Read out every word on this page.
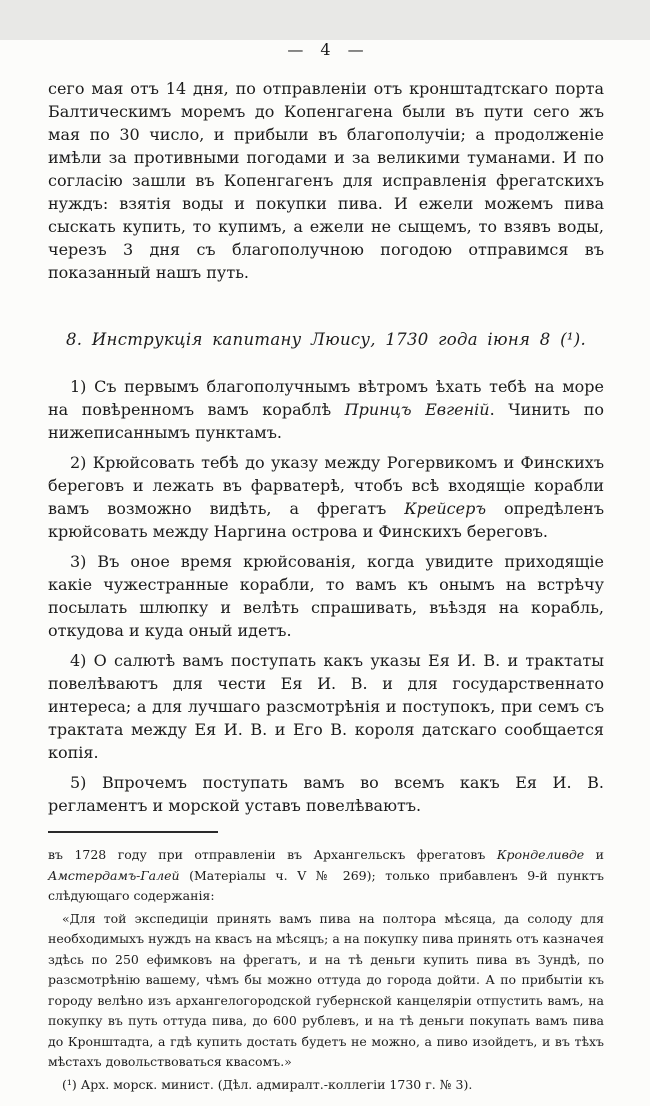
— 4 —

сего мая отъ 14 дня, по отправленіи отъ кронштадтскаго порта Балтическимъ моремъ до Копенгагена были въ пути сего жъ мая по 30 число, и прибыли въ благополучіи; а продолженіе имѣли за противными погодами и за великими туманами. И по согласію зашли въ Копенгагенъ для исправленія фрегатскихъ нуждъ: взятія воды и покупки пива. И ежели можемъ пива сыскать купить, то купимъ, а ежели не сыщемъ, то взявъ воды, черезъ 3 дня съ благополучною погодою отправимся въ показанный нашъ путь.

8. Инструкція капитану Люису, 1730 года іюня 8 (¹).

1) Съ первымъ благополучнымъ вѣтромъ ѣхать тебѣ на море на повѣренномъ вамъ кораблѣ Принцъ Евгеній. Чинить по нижеписаннымъ пунктамъ.

2) Крюйсовать тебѣ до указу между Рогервикомъ и Финскихъ береговъ и лежать въ фарватерѣ, чтобъ всѣ входящіе корабли вамъ возможно видѣть, а фрегатъ Крейсеръ опредѣленъ крюйсовать между Наргина острова и Финскихъ береговъ.

3) Въ оное время крюйсованія, когда увидите приходящіе какіе чужестранные корабли, то вамъ къ онымъ на встрѣчу посылать шлюпку и велѣть спрашивать, въѣздя на корабль, откудова и куда оный идетъ.

4) О салютѣ вамъ поступать какъ указы Ея И. В. и трактаты повелѣваютъ для чести Ея И. В. и для государственнато интереса; а для лучшаго разсмотрѣнія и поступокъ, при семъ съ трактата между Ея И. В. и Его В. короля датскаго сообщается копія.

5) Впрочемъ поступать вамъ во всемъ какъ Ея И. В. регламентъ и морской уставъ повелѣваютъ.

въ 1728 году при отправленіи въ Архангельскъ фрегатовъ Кронделивде и Амстердамъ-Галей (Матеріалы ч. V № 269); только прибавленъ 9-й пунктъ слѣдующаго содержанія:

«Для той экспедиціи принять вамъ пива на полтора мѣсяца, да солоду для необходимыхъ нуждъ на квасъ на мѣсяцъ; а на покупку пива принять отъ казначея здѣсь по 250 ефимковъ на фрегатъ, и на тѣ деньги купить пива въ Зундѣ, по разсмотрѣнію вашему, чѣмъ бы можно оттуда до города дойти. А по прибытіи къ городу велѣно изъ архангелогородской губернской канцеляріи отпустить вамъ, на покупку въ путь оттуда пива, до 600 рублевъ, и на тѣ деньги покупать вамъ пива до Кронштадта, а гдѣ купить достать будетъ не можно, а пиво изойдетъ, и въ тѣхъ мѣстахъ довольствоваться квасомъ.»

(¹) Арх. морск. минист. (Дѣл. адмиралт.-коллегіи 1730 г. № 3).
